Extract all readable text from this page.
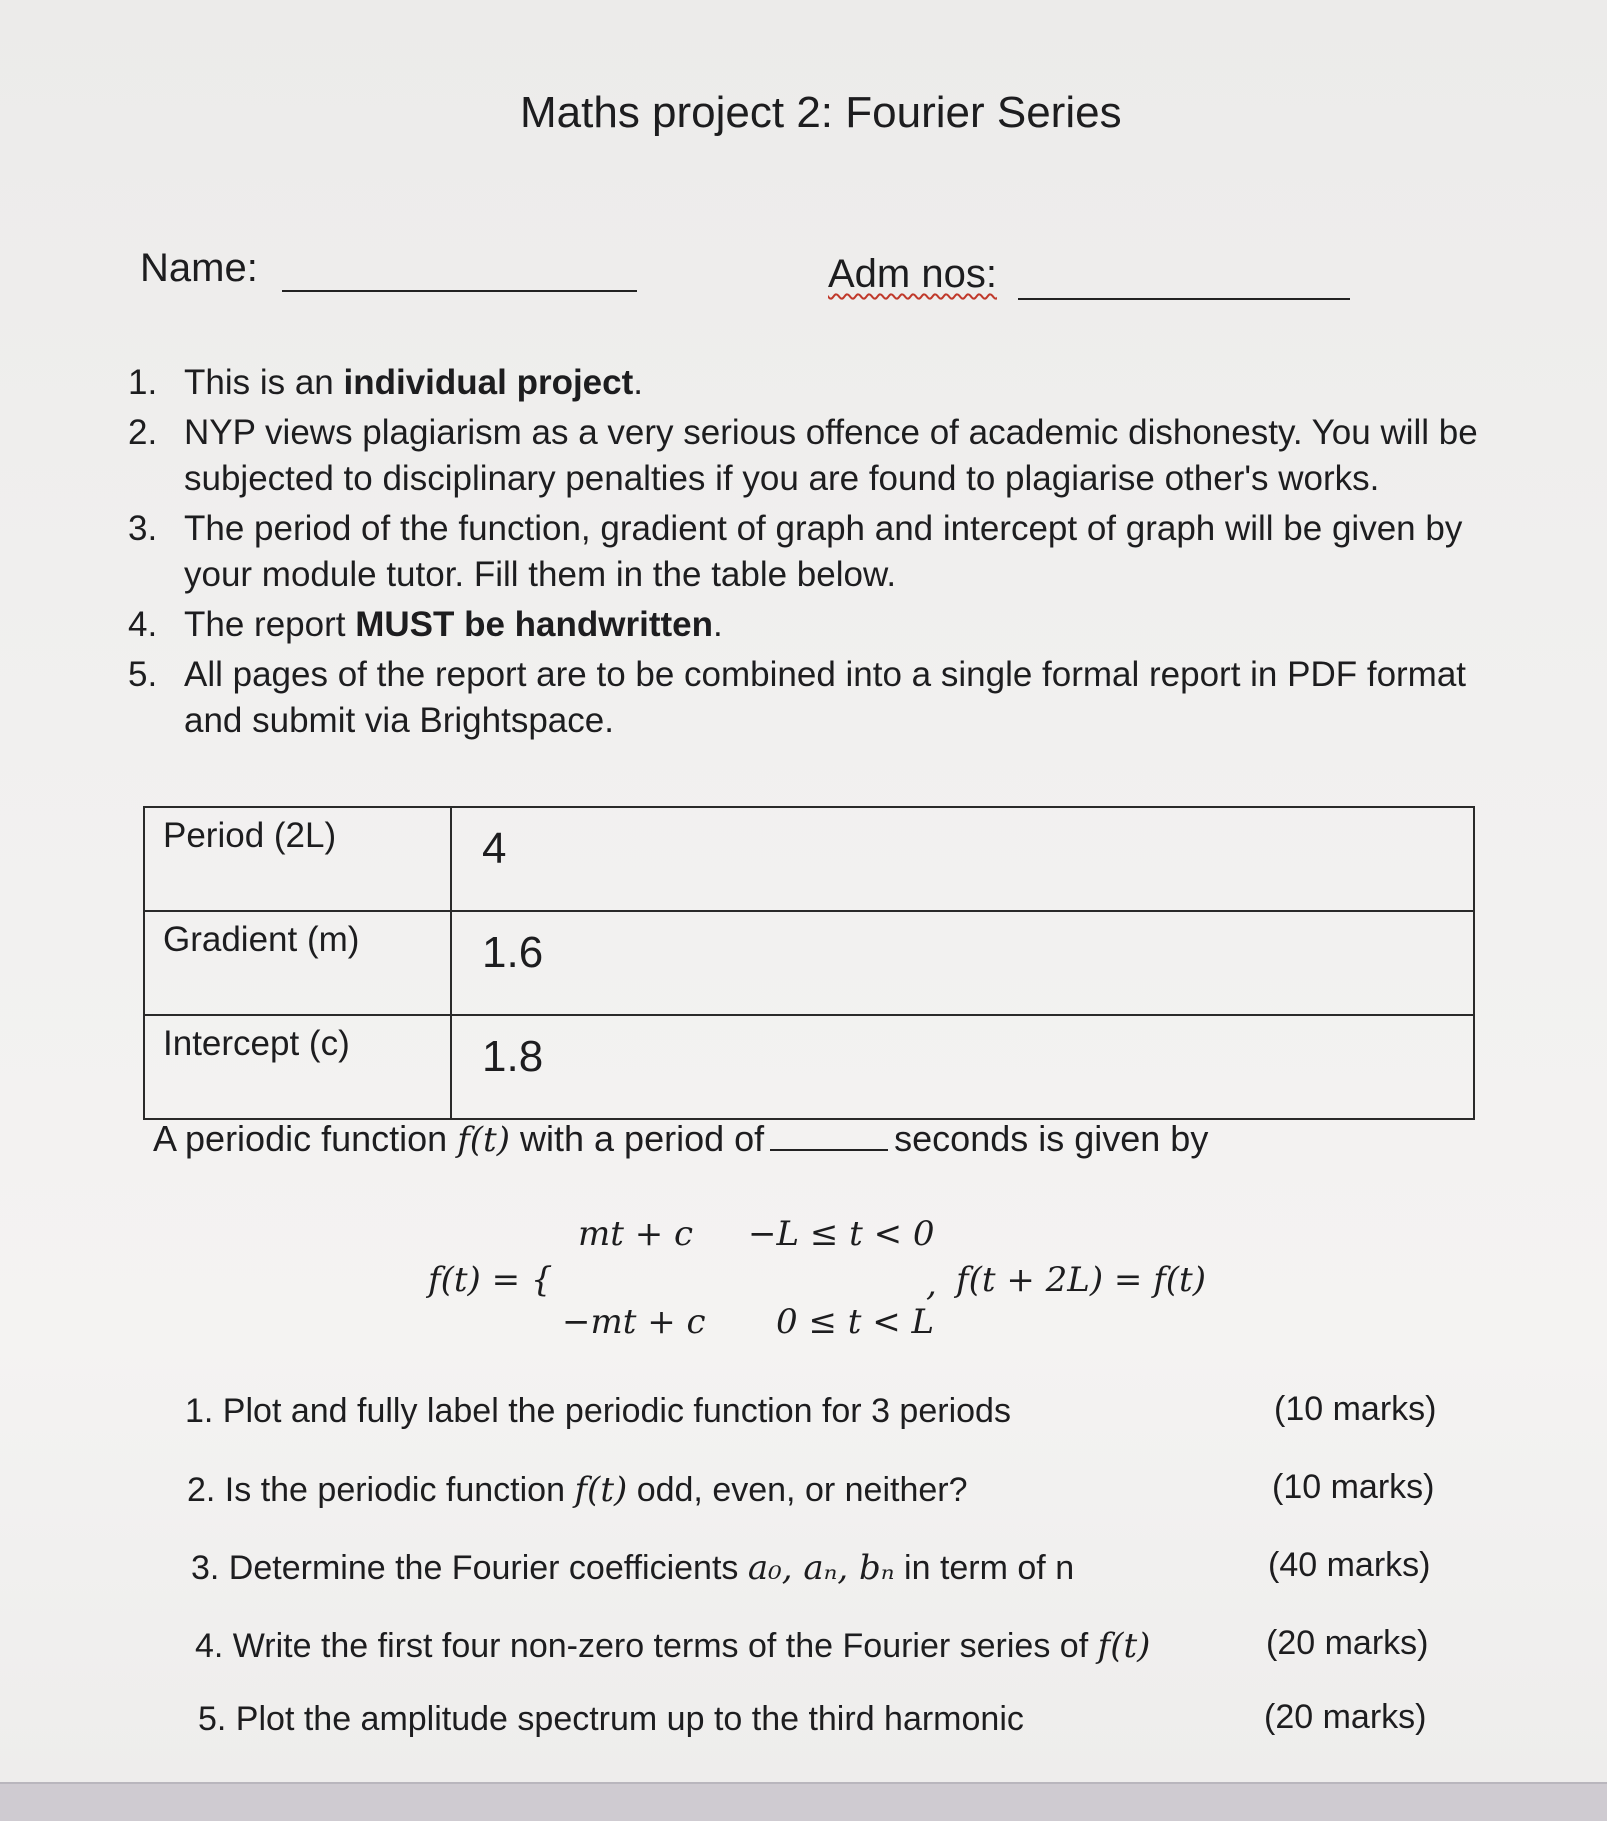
Maths project 2: Fourier Series
Name:	Adm nos:
1. This is an individual project.
2. NYP views plagiarism as a very serious offence of academic dishonesty. You will be subjected to disciplinary penalties if you are found to plagiarise other's works.
3. The period of the function, gradient of graph and intercept of graph will be given by your module tutor. Fill them in the table below.
4. The report MUST be handwritten.
5. All pages of the report are to be combined into a single formal report in PDF format and submit via Brightspace.
Period (2L)	4
Gradient (m)	1.6
Intercept (c)	1.8
A periodic function f(t) with a period of	seconds is given by
f(t) = {
mt + c −L ≤ t < 0
−mt + c 0 ≤ t < L
, f(t + 2L) = f(t)
1. Plot and fully label the periodic function for 3 periods	(10 marks)
2. Is the periodic function f(t) odd, even, or neither?	(10 marks)
3. Determine the Fourier coefficients a₀, aₙ, bₙ in term of n	(40 marks)
4. Write the first four non-zero terms of the Fourier series of f(t)	(20 marks)
5. Plot the amplitude spectrum up to the third harmonic	(20 marks)
